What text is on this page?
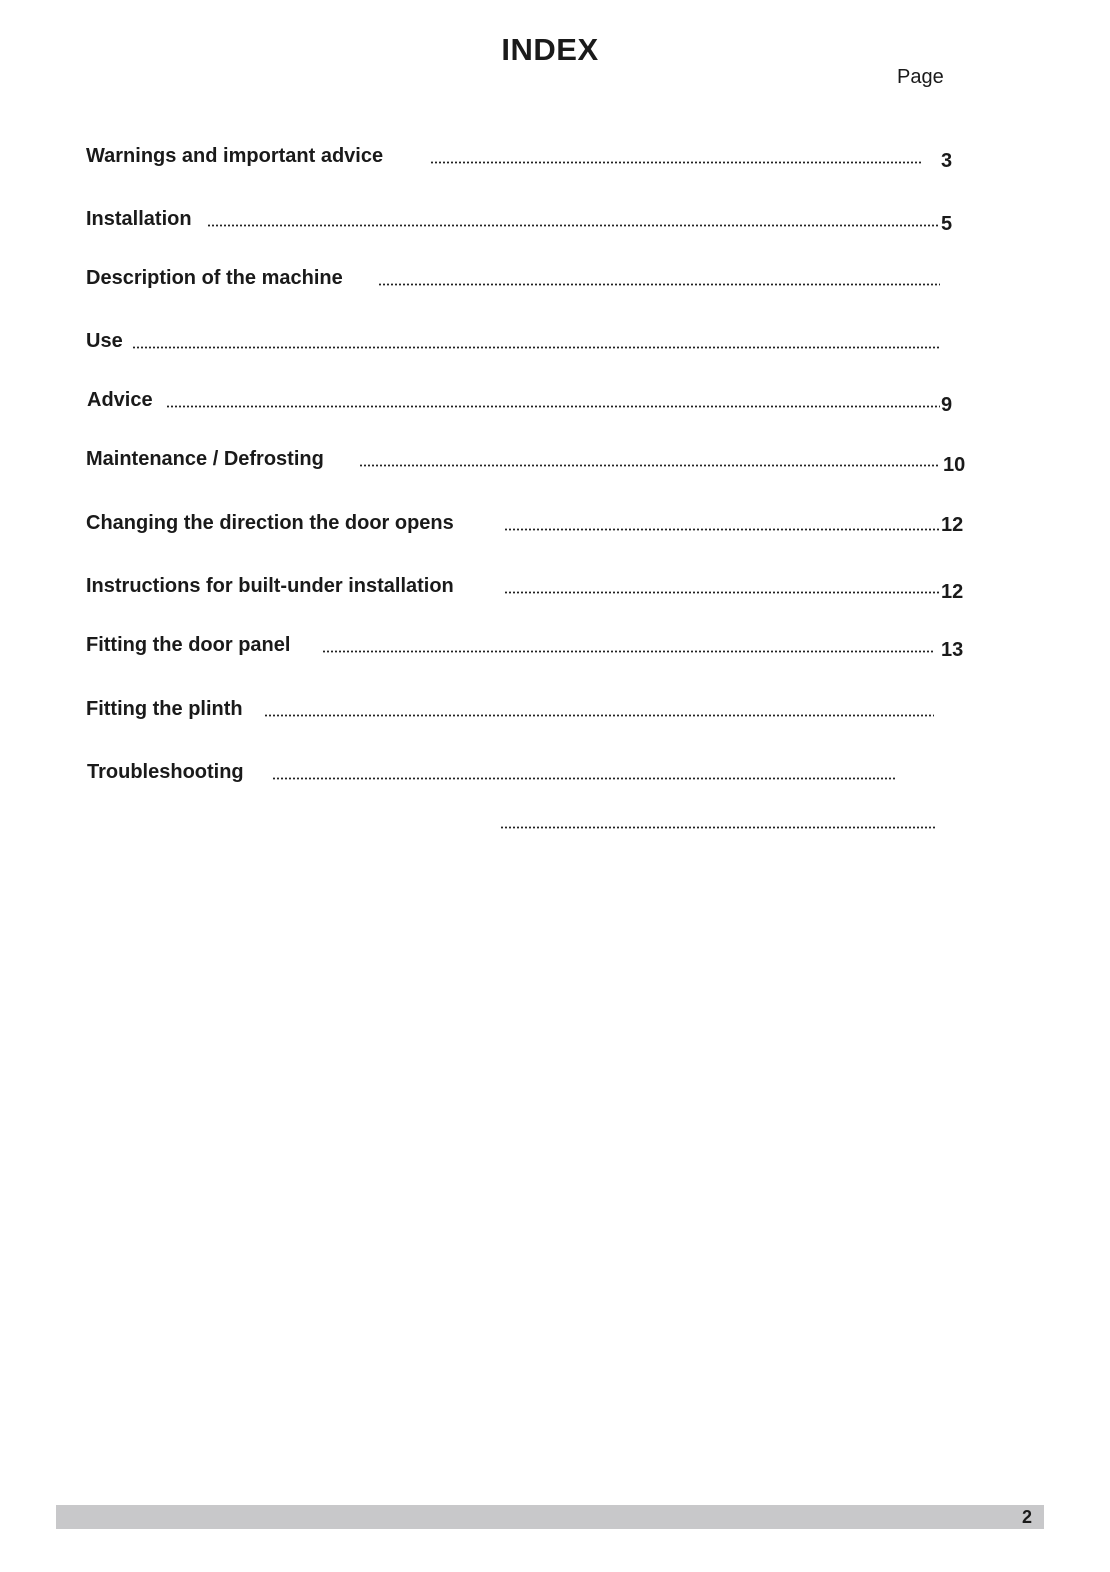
INDEX
Page
Warnings and important advice	3
Installation	5
Description of the machine
Use
Advice	9
Maintenance / Defrosting	10
Changing the direction the door opens	12
Instructions for built-under installation	12
Fitting the door panel	13
Fitting the plinth
Troubleshooting
2
